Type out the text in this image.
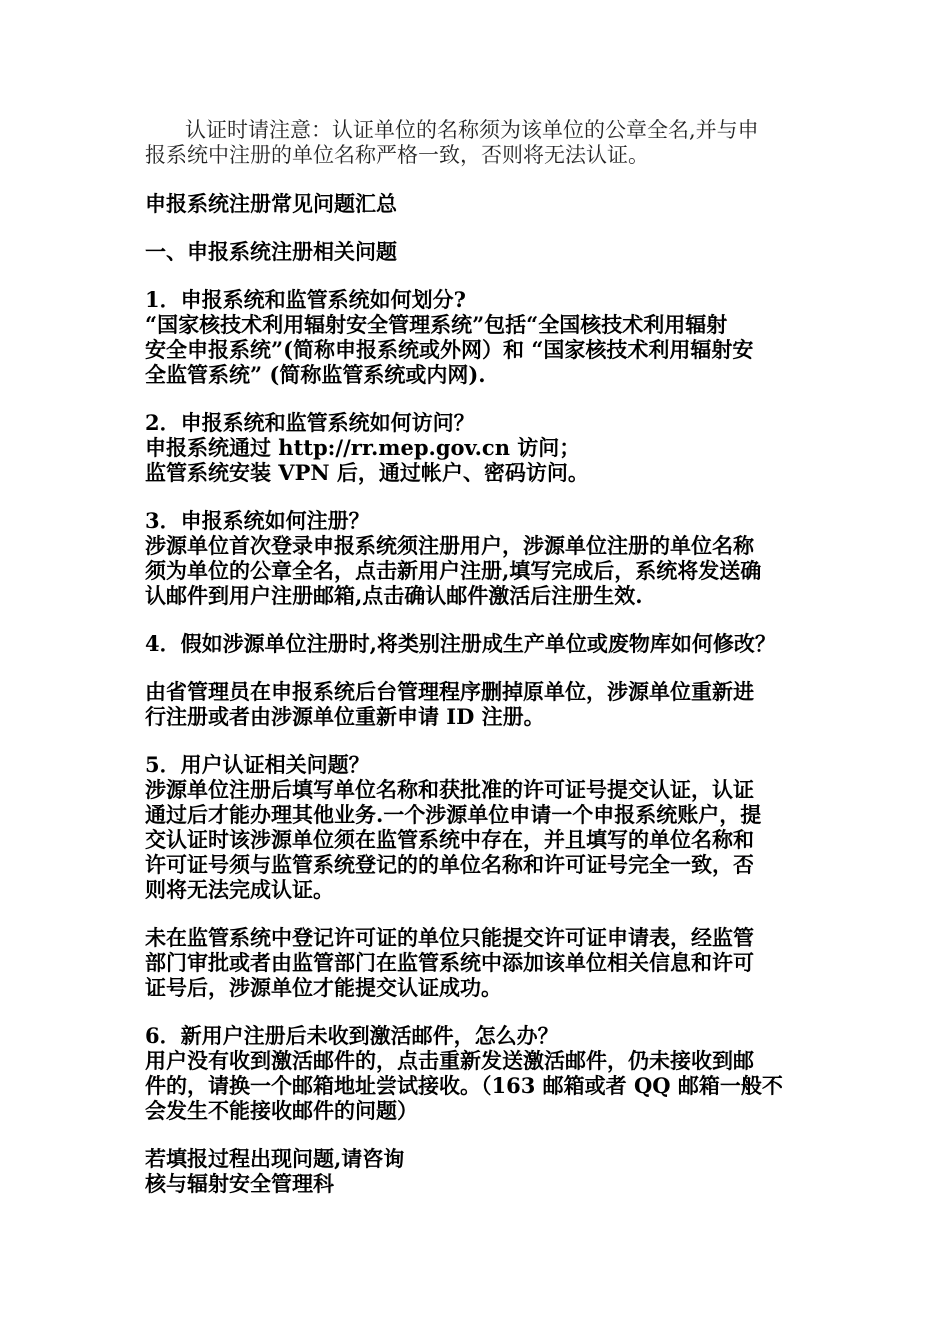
认证时请注意：认证单位的名称须为该单位的公章全名,并与申
报系统中注册的单位名称严格一致，否则将无法认证。
申报系统注册常见问题汇总
一、申报系统注册相关问题
1．申报系统和监管系统如何划分?
“国家核技术利用辐射安全管理系统”包括“全国核技术利用辐射
安全申报系统”(简称申报系统或外网）和 “国家核技术利用辐射安
全监管系统” (简称监管系统或内网).
2．申报系统和监管系统如何访问？
申报系统通过 http://rr.mep.gov.cn 访问；
监管系统安装 VPN 后，通过帐户、密码访问。
3．申报系统如何注册？
涉源单位首次登录申报系统须注册用户，涉源单位注册的单位名称
须为单位的公章全名，点击新用户注册,填写完成后，系统将发送确
认邮件到用户注册邮箱,点击确认邮件激活后注册生效.
4．假如涉源单位注册时,将类别注册成生产单位或废物库如何修改？
由省管理员在申报系统后台管理程序删掉原单位，涉源单位重新进
行注册或者由涉源单位重新申请 ID 注册。
5．用户认证相关问题？
涉源单位注册后填写单位名称和获批准的许可证号提交认证，认证
通过后才能办理其他业务.一个涉源单位申请一个申报系统账户，提
交认证时该涉源单位须在监管系统中存在，并且填写的单位名称和
许可证号须与监管系统登记的的单位名称和许可证号完全一致，否
则将无法完成认证。
未在监管系统中登记许可证的单位只能提交许可证申请表，经监管
部门审批或者由监管部门在监管系统中添加该单位相关信息和许可
证号后，涉源单位才能提交认证成功。
6．新用户注册后未收到激活邮件，怎么办？
用户没有收到激活邮件的，点击重新发送激活邮件，仍未接收到邮
件的，请换一个邮箱地址尝试接收。（163 邮箱或者 QQ 邮箱一般不
会发生不能接收邮件的问题）
若填报过程出现问题,请咨询
核与辐射安全管理科
